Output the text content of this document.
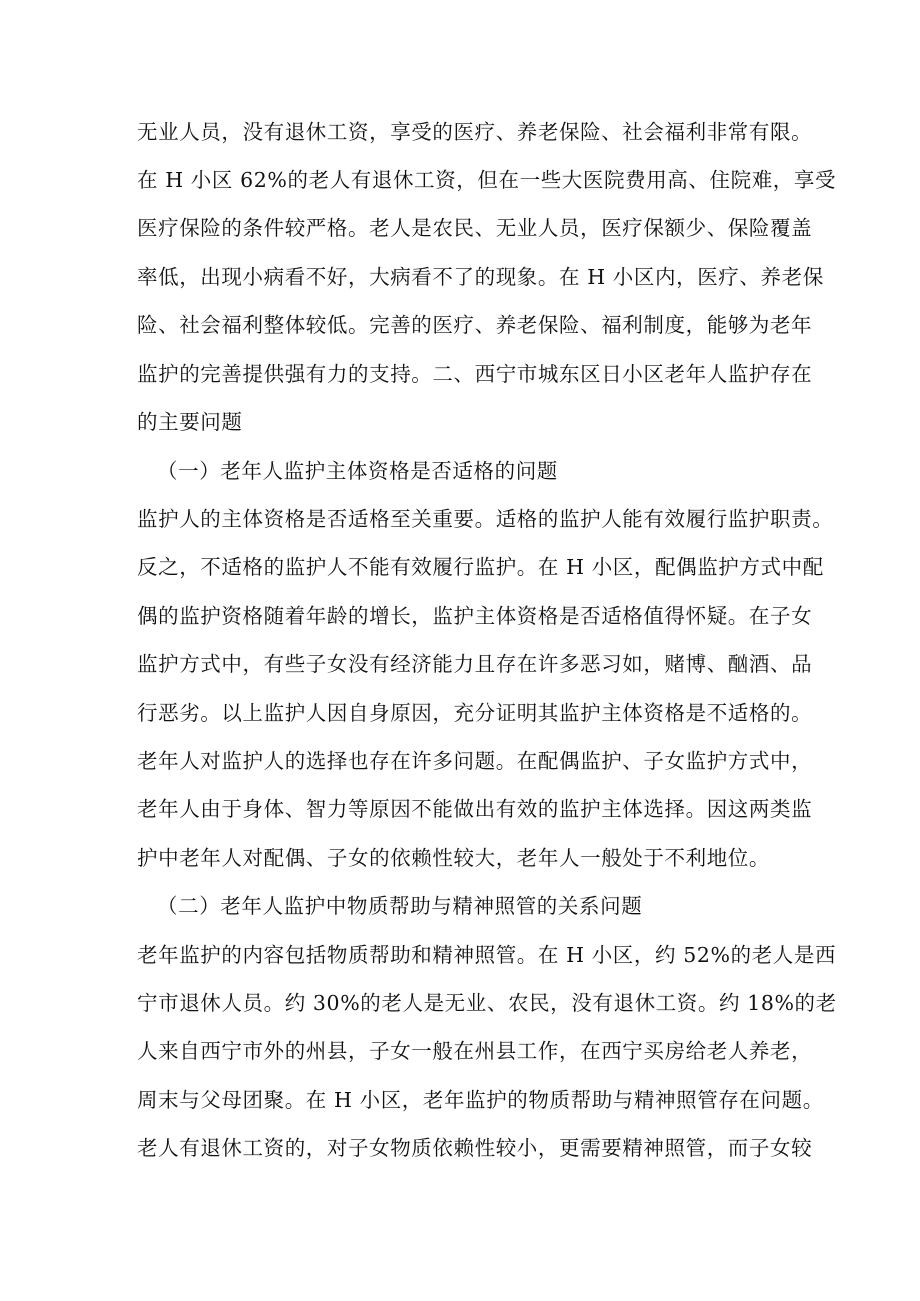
无业人员，没有退休工资，享受的医疗、养老保险、社会福利非常有限。
在 H 小区 62%的老人有退休工资，但在一些大医院费用高、住院难，享受
医疗保险的条件较严格。老人是农民、无业人员，医疗保额少、保险覆盖
率低，出现小病看不好，大病看不了的现象。在 H 小区内，医疗、养老保
险、社会福利整体较低。完善的医疗、养老保险、福利制度，能够为老年
监护的完善提供强有力的支持。二、西宁市城东区日小区老年人监护存在
的主要问题
（一）老年人监护主体资格是否适格的问题
监护人的主体资格是否适格至关重要。适格的监护人能有效履行监护职责。
反之，不适格的监护人不能有效履行监护。在 H 小区，配偶监护方式中配
偶的监护资格随着年龄的增长，监护主体资格是否适格值得怀疑。在子女
监护方式中，有些子女没有经济能力且存在许多恶习如，赌博、酗酒、品
行恶劣。以上监护人因自身原因，充分证明其监护主体资格是不适格的。
老年人对监护人的选择也存在许多问题。在配偶监护、子女监护方式中，
老年人由于身体、智力等原因不能做出有效的监护主体选择。因这两类监
护中老年人对配偶、子女的依赖性较大，老年人一般处于不利地位。
（二）老年人监护中物质帮助与精神照管的关系问题
老年监护的内容包括物质帮助和精神照管。在 H 小区，约 52%的老人是西
宁市退休人员。约 30%的老人是无业、农民，没有退休工资。约 18%的老
人来自西宁市外的州县，子女一般在州县工作，在西宁买房给老人养老，
周末与父母团聚。在 H 小区，老年监护的物质帮助与精神照管存在问题。
老人有退休工资的，对子女物质依赖性较小，更需要精神照管，而子女较
